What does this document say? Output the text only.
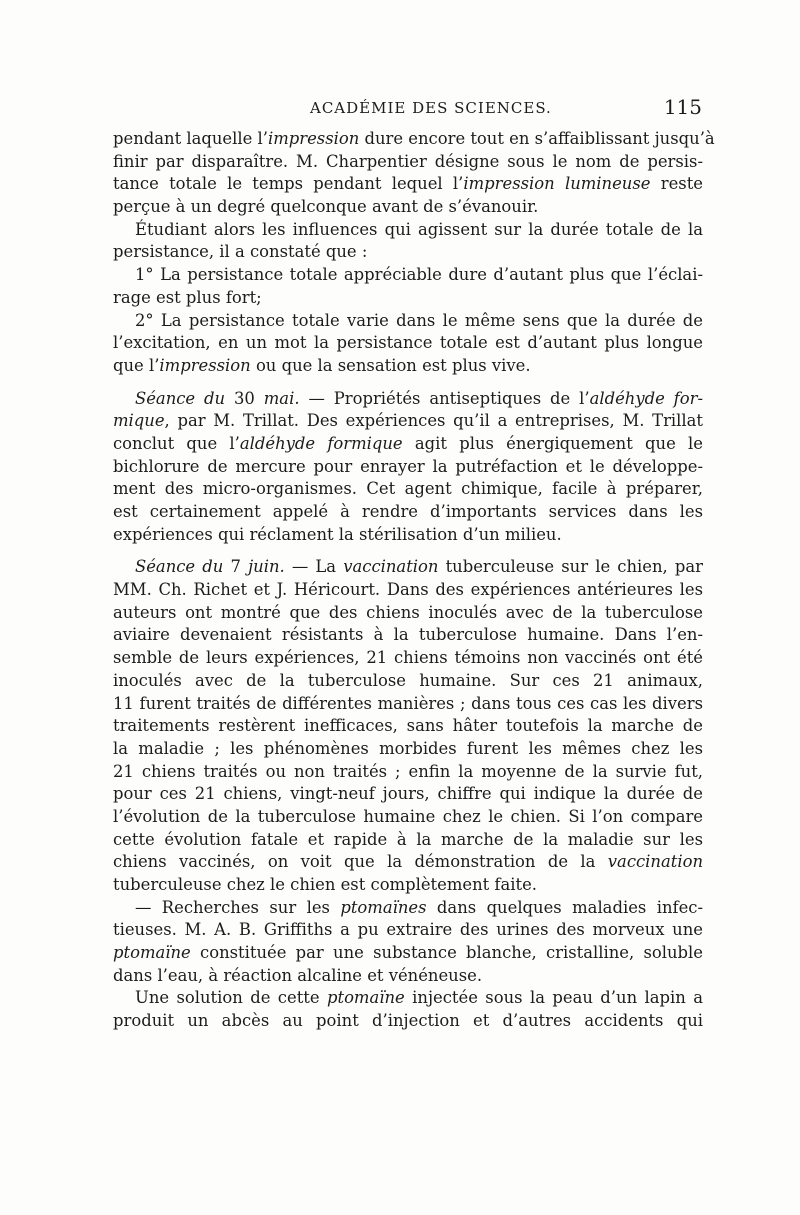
ACADÉMIE DES SCIENCES.	115
pendant laquelle l’impression dure encore tout en s’affaiblissant jusqu’à
finir par disparaître. M. Charpentier désigne sous le nom de persis-
tance totale le temps pendant lequel l’impression lumineuse reste
perçue à un degré quelconque avant de s’évanouir.
Étudiant alors les influences qui agissent sur la durée totale de la
persistance, il a constaté que :
1° La persistance totale appréciable dure d’autant plus que l’éclai-
rage est plus fort;
2° La persistance totale varie dans le même sens que la durée de
l’excitation, en un mot la persistance totale est d’autant plus longue
que l’impression ou que la sensation est plus vive.
Séance du 30 mai. — Propriétés antiseptiques de l’aldéhyde for-
mique, par M. Trillat. Des expériences qu’il a entreprises, M. Trillat
conclut que l’aldéhyde formique agit plus énergiquement que le
bichlorure de mercure pour enrayer la putréfaction et le développe-
ment des micro-organismes. Cet agent chimique, facile à préparer,
est certainement appelé à rendre d’importants services dans les
expériences qui réclament la stérilisation d’un milieu.
Séance du 7 juin. — La vaccination tuberculeuse sur le chien, par
MM. Ch. Richet et J. Héricourt. Dans des expériences antérieures les
auteurs ont montré que des chiens inoculés avec de la tuberculose
aviaire devenaient résistants à la tuberculose humaine. Dans l’en-
semble de leurs expériences, 21 chiens témoins non vaccinés ont été
inoculés avec de la tuberculose humaine. Sur ces 21 animaux,
11 furent traités de différentes manières ; dans tous ces cas les divers
traitements restèrent inefficaces, sans hâter toutefois la marche de
la maladie ; les phénomènes morbides furent les mêmes chez les
21 chiens traités ou non traités ; enfin la moyenne de la survie fut,
pour ces 21 chiens, vingt-neuf jours, chiffre qui indique la durée de
l’évolution de la tuberculose humaine chez le chien. Si l’on compare
cette évolution fatale et rapide à la marche de la maladie sur les
chiens vaccinés, on voit que la démonstration de la vaccination
tuberculeuse chez le chien est complètement faite.
— Recherches sur les ptomaïnes dans quelques maladies infec-
tieuses. M. A. B. Griffiths a pu extraire des urines des morveux une
ptomaïne constituée par une substance blanche, cristalline, soluble
dans l’eau, à réaction alcaline et vénéneuse.
Une solution de cette ptomaïne injectée sous la peau d’un lapin a
produit un abcès au point d’injection et d’autres accidents qui
